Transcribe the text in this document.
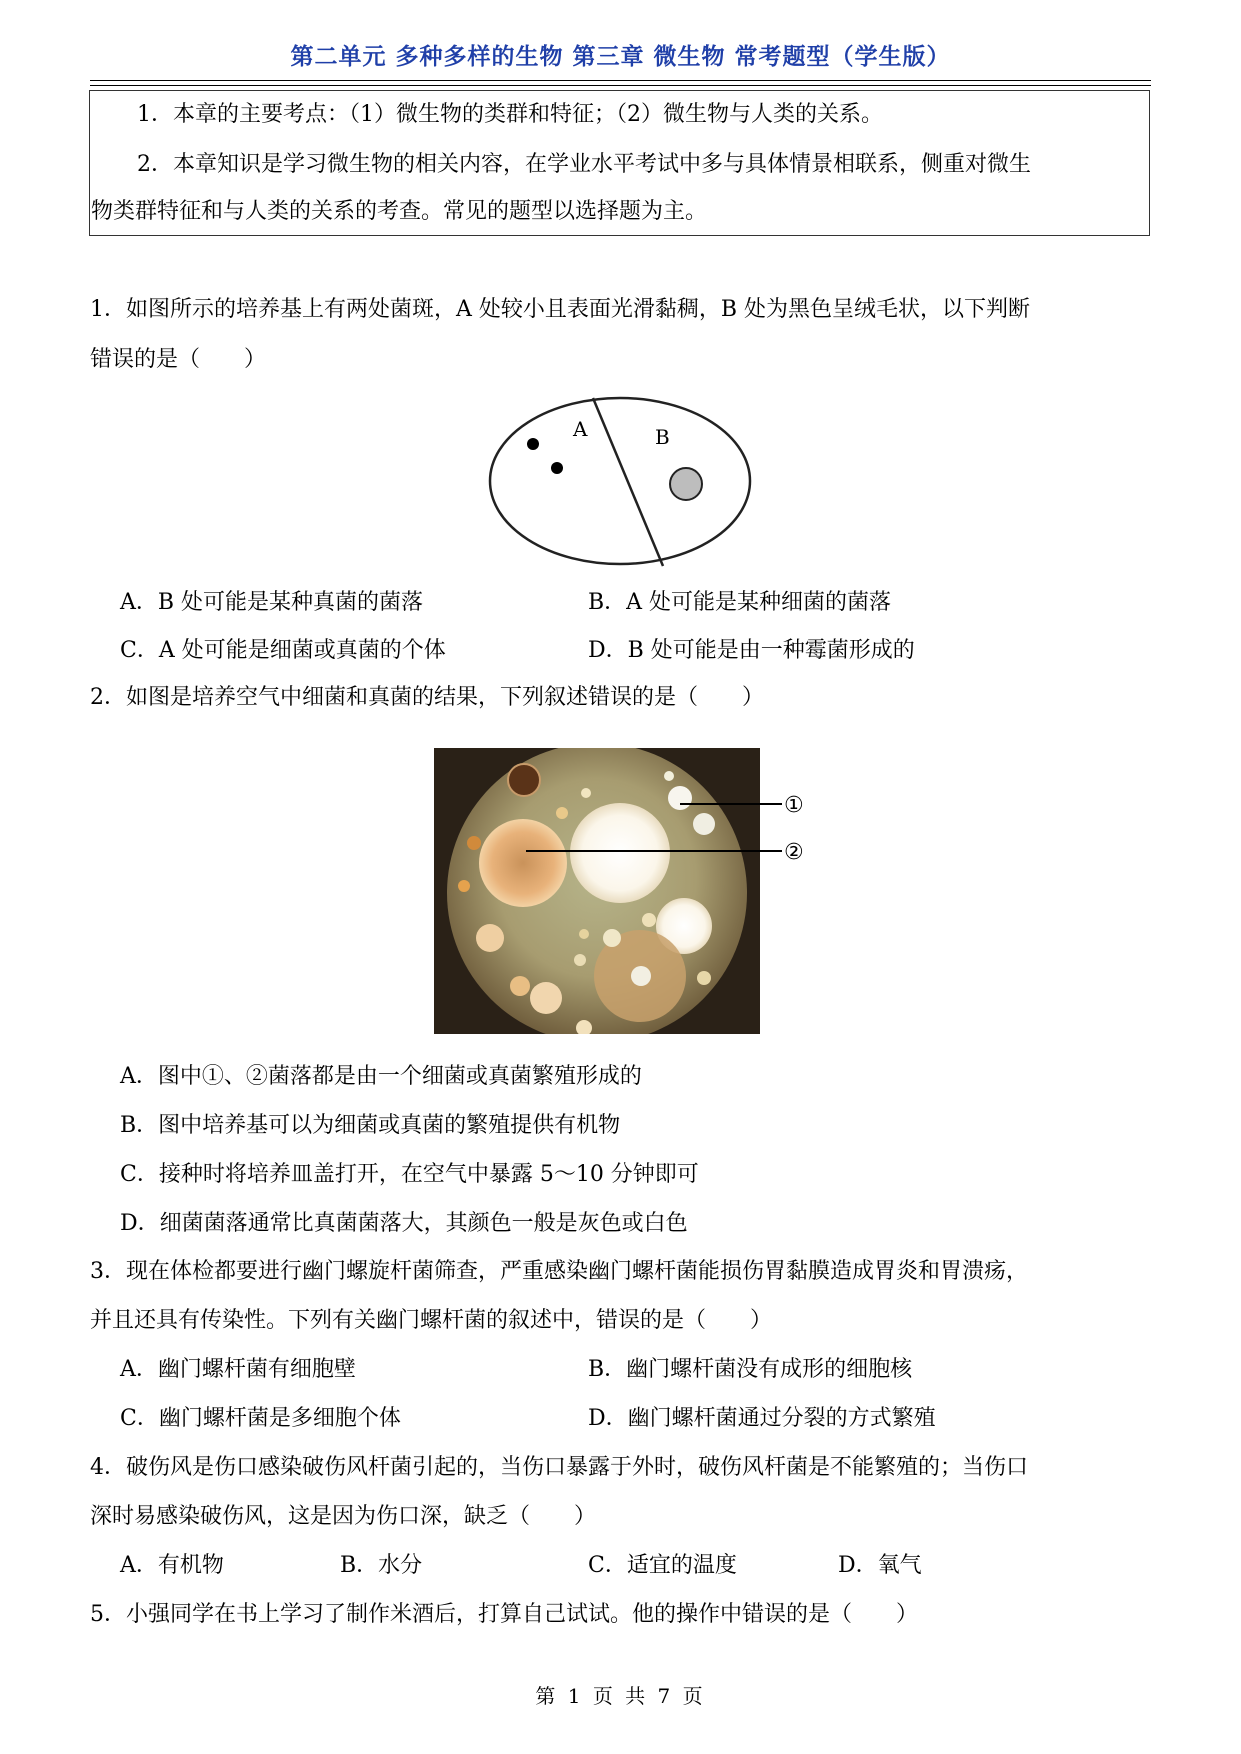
第二单元 多种多样的生物 第三章 微生物 常考题型（学生版）
1．本章的主要考点：（1）微生物的类群和特征；（2）微生物与人类的关系。
2．本章知识是学习微生物的相关内容，在学业水平考试中多与具体情景相联系，侧重对微生
物类群特征和与人类的关系的考查。常见的题型以选择题为主。
1．如图所示的培养基上有两处菌斑，A 处较小且表面光滑黏稠，B 处为黑色呈绒毛状，以下判断
错误的是（　　）
A	B
A．B 处可能是某种真菌的菌落	B．A 处可能是某种细菌的菌落
C．A 处可能是细菌或真菌的个体	D．B 处可能是由一种霉菌形成的
2．如图是培养空气中细菌和真菌的结果，下列叙述错误的是（　　）
①
②
A．图中①、②菌落都是由一个细菌或真菌繁殖形成的
B．图中培养基可以为细菌或真菌的繁殖提供有机物
C．接种时将培养皿盖打开，在空气中暴露 5～10 分钟即可
D．细菌菌落通常比真菌菌落大，其颜色一般是灰色或白色
3．现在体检都要进行幽门螺旋杆菌筛查，严重感染幽门螺杆菌能损伤胃黏膜造成胃炎和胃溃疡，
并且还具有传染性。下列有关幽门螺杆菌的叙述中，错误的是（　　）
A．幽门螺杆菌有细胞壁	B．幽门螺杆菌没有成形的细胞核
C．幽门螺杆菌是多细胞个体	D．幽门螺杆菌通过分裂的方式繁殖
4．破伤风是伤口感染破伤风杆菌引起的，当伤口暴露于外时，破伤风杆菌是不能繁殖的；当伤口
深时易感染破伤风，这是因为伤口深，缺乏（　　）
A．有机物	B．水分	C．适宜的温度	D．氧气
5．小强同学在书上学习了制作米酒后，打算自己试试。他的操作中错误的是（　　）
第 1 页 共 7 页
